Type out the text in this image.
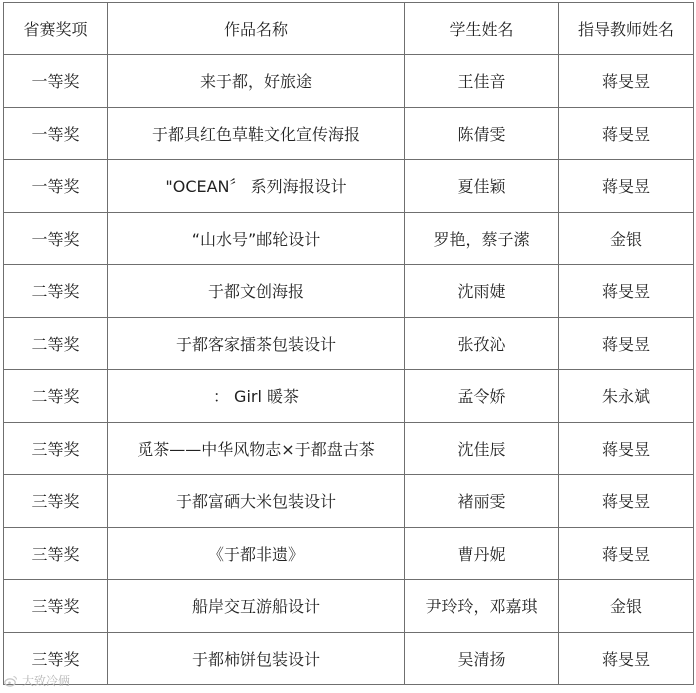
省赛奖项	作品名称	学生姓名	指导教师姓名
一等奖	来于都，好旅途	王佳音	蒋旻昱
一等奖	于都具红色草鞋文化宣传海报	陈倩雯	蒋旻昱
一等奖	"OCEAN〞 系列海报设计	夏佳颖	蒋旻昱
一等奖	“山水号”邮轮设计	罗艳，蔡子潆	金银
二等奖	于都文创海报	沈雨婕	蒋旻昱
二等奖	于都客家擂茶包装设计	张孜沁	蒋旻昱
二等奖	： Girl 暖茶	孟令娇	朱永斌
三等奖	觅茶——中华风物志×于都盘古茶	沈佳辰	蒋旻昱
三等奖	于都富硒大米包装设计	褚丽雯	蒋旻昱
三等奖	《于都非遗》	曹丹妮	蒋旻昱
三等奖	船岸交互游船设计	尹玲玲，邓嘉琪	金银
三等奖	于都柿饼包装设计	吴清扬	蒋旻昱
大致冷俩
